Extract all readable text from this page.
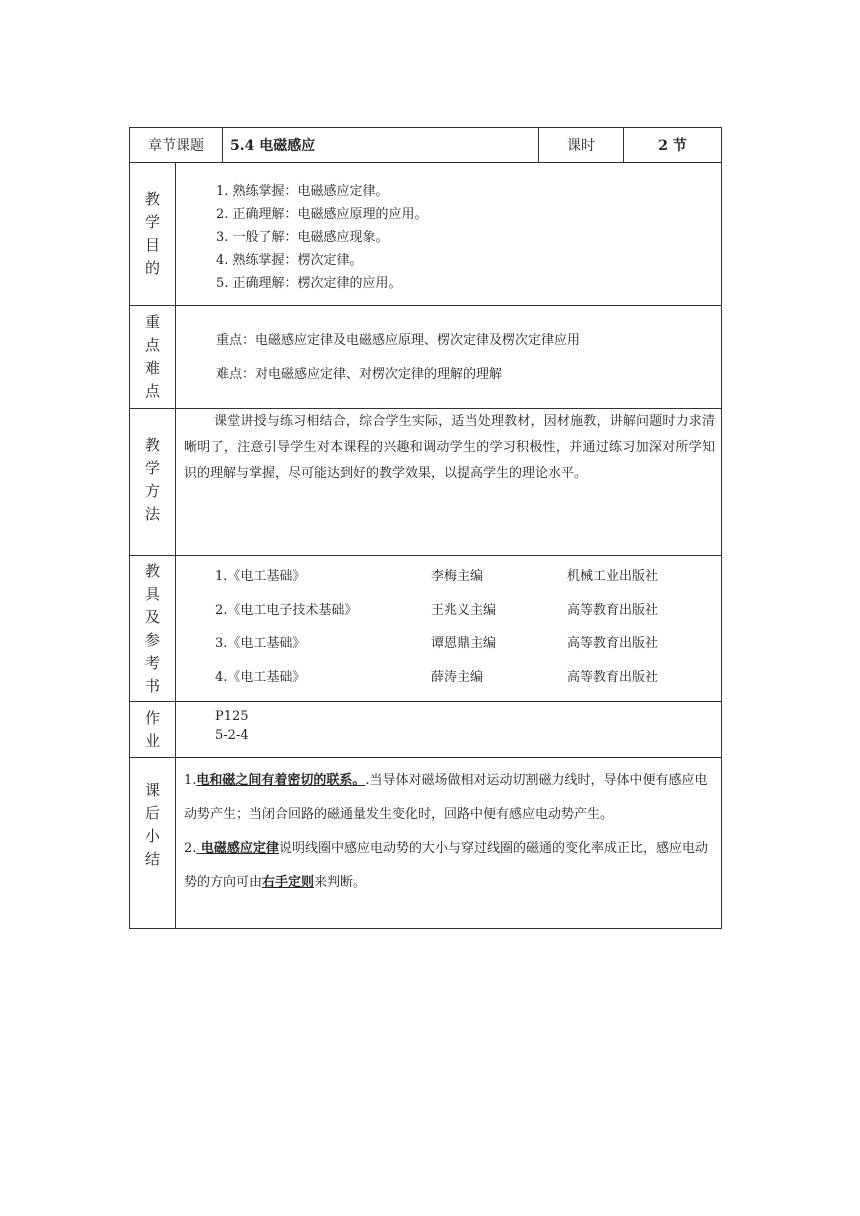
章节课题	5.4 电磁感应	课时	2 节
教
学
目
的
1. 熟练掌握：电磁感应定律。
2. 正确理解：电磁感应原理的应用。
3. 一般了解：电磁感应现象。
4. 熟练掌握：楞次定律。
5. 正确理解：楞次定律的应用。
重
点
难
点
重点：电磁感应定律及电磁感应原理、楞次定律及楞次定律应用
难点：对电磁感应定律、对楞次定律的理解的理解
教
学
方
法

课堂讲授与练习相结合，综合学生实际，适当处理教材，因材施教，讲解问题时力求清晰明了，注意引导学生对本课程的兴趣和调动学生的学习积极性，并通过练习加深对所学知识的理解与掌握，尽可能达到好的教学效果，以提高学生的理论水平。

教
具
及
参
考
书
1.《电工基础》	李梅主编	机械工业出版社
2.《电工电子技术基础》	王兆义主编	高等教育出版社
3.《电工基础》	谭恩鼎主编	高等教育出版社
4.《电工基础》	薛涛主编	高等教育出版社
作
业
P125
5-2-4
课
后
小
结

1.电和磁之间有着密切的联系。.当导体对磁场做相对运动切割磁力线时，导体中便有感应电动势产生；当闭合回路的磁通量发生变化时，回路中便有感应电动势产生。

2. 电磁感应定律说明线圈中感应电动势的大小与穿过线圈的磁通的变化率成正比，感应电动势的方向可由右手定则来判断。
